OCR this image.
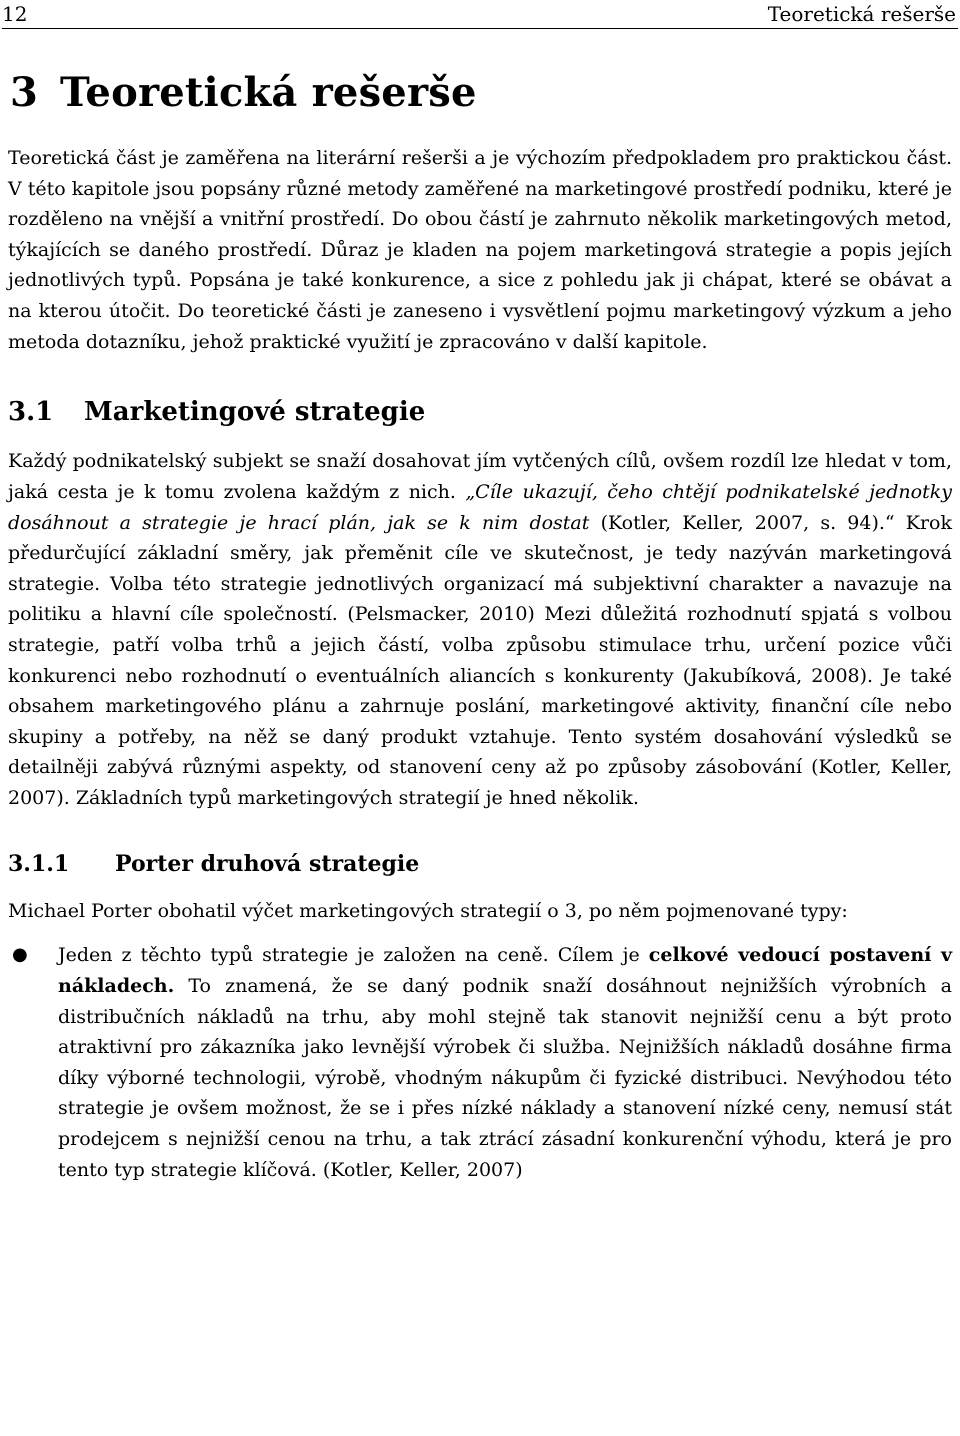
12	Teoretická rešerše
3 Teoretická rešerše

Teoretická část je zaměřena na literární rešerši a je výchozím předpokladem pro praktickou část. V této kapitole jsou popsány různé metody zaměřené na marketingové prostředí podniku, které je rozděleno na vnější a vnitřní prostředí. Do obou částí je zahrnuto několik marketingových metod, týkajících se daného prostředí. Důraz je kladen na pojem marketingová strategie a popis jejích jednotlivých typů. Popsána je také konkurence, a sice z pohledu jak ji chápat, které se obávat a na kterou útočit. Do teoretické části je zaneseno i vysvětlení pojmu marketingový výzkum a jeho metoda dotazníku, jehož praktické využití je zpracováno v další kapitole.

3.1 Marketingové strategie

Každý podnikatelský subjekt se snaží dosahovat jím vytčených cílů, ovšem rozdíl lze hledat v tom, jaká cesta je k tomu zvolena každým z nich. „Cíle ukazují, čeho chtějí podnikatelské jednotky dosáhnout a strategie je hrací plán, jak se k nim dostat (Kotler, Keller, 2007, s. 94).“ Krok předurčující základní směry, jak přeměnit cíle ve skutečnost, je tedy nazýván marketingová strategie. Volba této strategie jednotlivých organizací má subjektivní charakter a navazuje na politiku a hlavní cíle společností. (Pelsmacker, 2010) Mezi důležitá rozhodnutí spjatá s volbou strategie, patří volba trhů a jejich částí, volba způsobu stimulace trhu, určení pozice vůči konkurenci nebo rozhodnutí o eventuálních aliancích s konkurenty (Jakubíková, 2008). Je také obsahem marketingového plánu a zahrnuje poslání, marketingové aktivity, finanční cíle nebo skupiny a potřeby, na něž se daný produkt vztahuje. Tento systém dosahování výsledků se detailněji zabývá různými aspekty, od stanovení ceny až po způsoby zásobování (Kotler, Keller, 2007). Základních typů marketingových strategií je hned několik.

3.1.1 Porter druhová strategie

Michael Porter obohatil výčet marketingových strategií o 3, po něm pojmenované typy:

● Jeden z těchto typů strategie je založen na ceně. Cílem je celkové vedoucí postavení v nákladech. To znamená, že se daný podnik snaží dosáhnout nejnižších výrobních a distribučních nákladů na trhu, aby mohl stejně tak stanovit nejnižší cenu a být proto atraktivní pro zákazníka jako levnější výrobek či služba. Nejnižších nákladů dosáhne firma díky výborné technologii, výrobě, vhodným nákupům či fyzické distribuci. Nevýhodou této strategie je ovšem možnost, že se i přes nízké náklady a stanovení nízké ceny, nemusí stát prodejcem s nejnižší cenou na trhu, a tak ztrácí zásadní konkurenční výhodu, která je pro tento typ strategie klíčová. (Kotler, Keller, 2007)
